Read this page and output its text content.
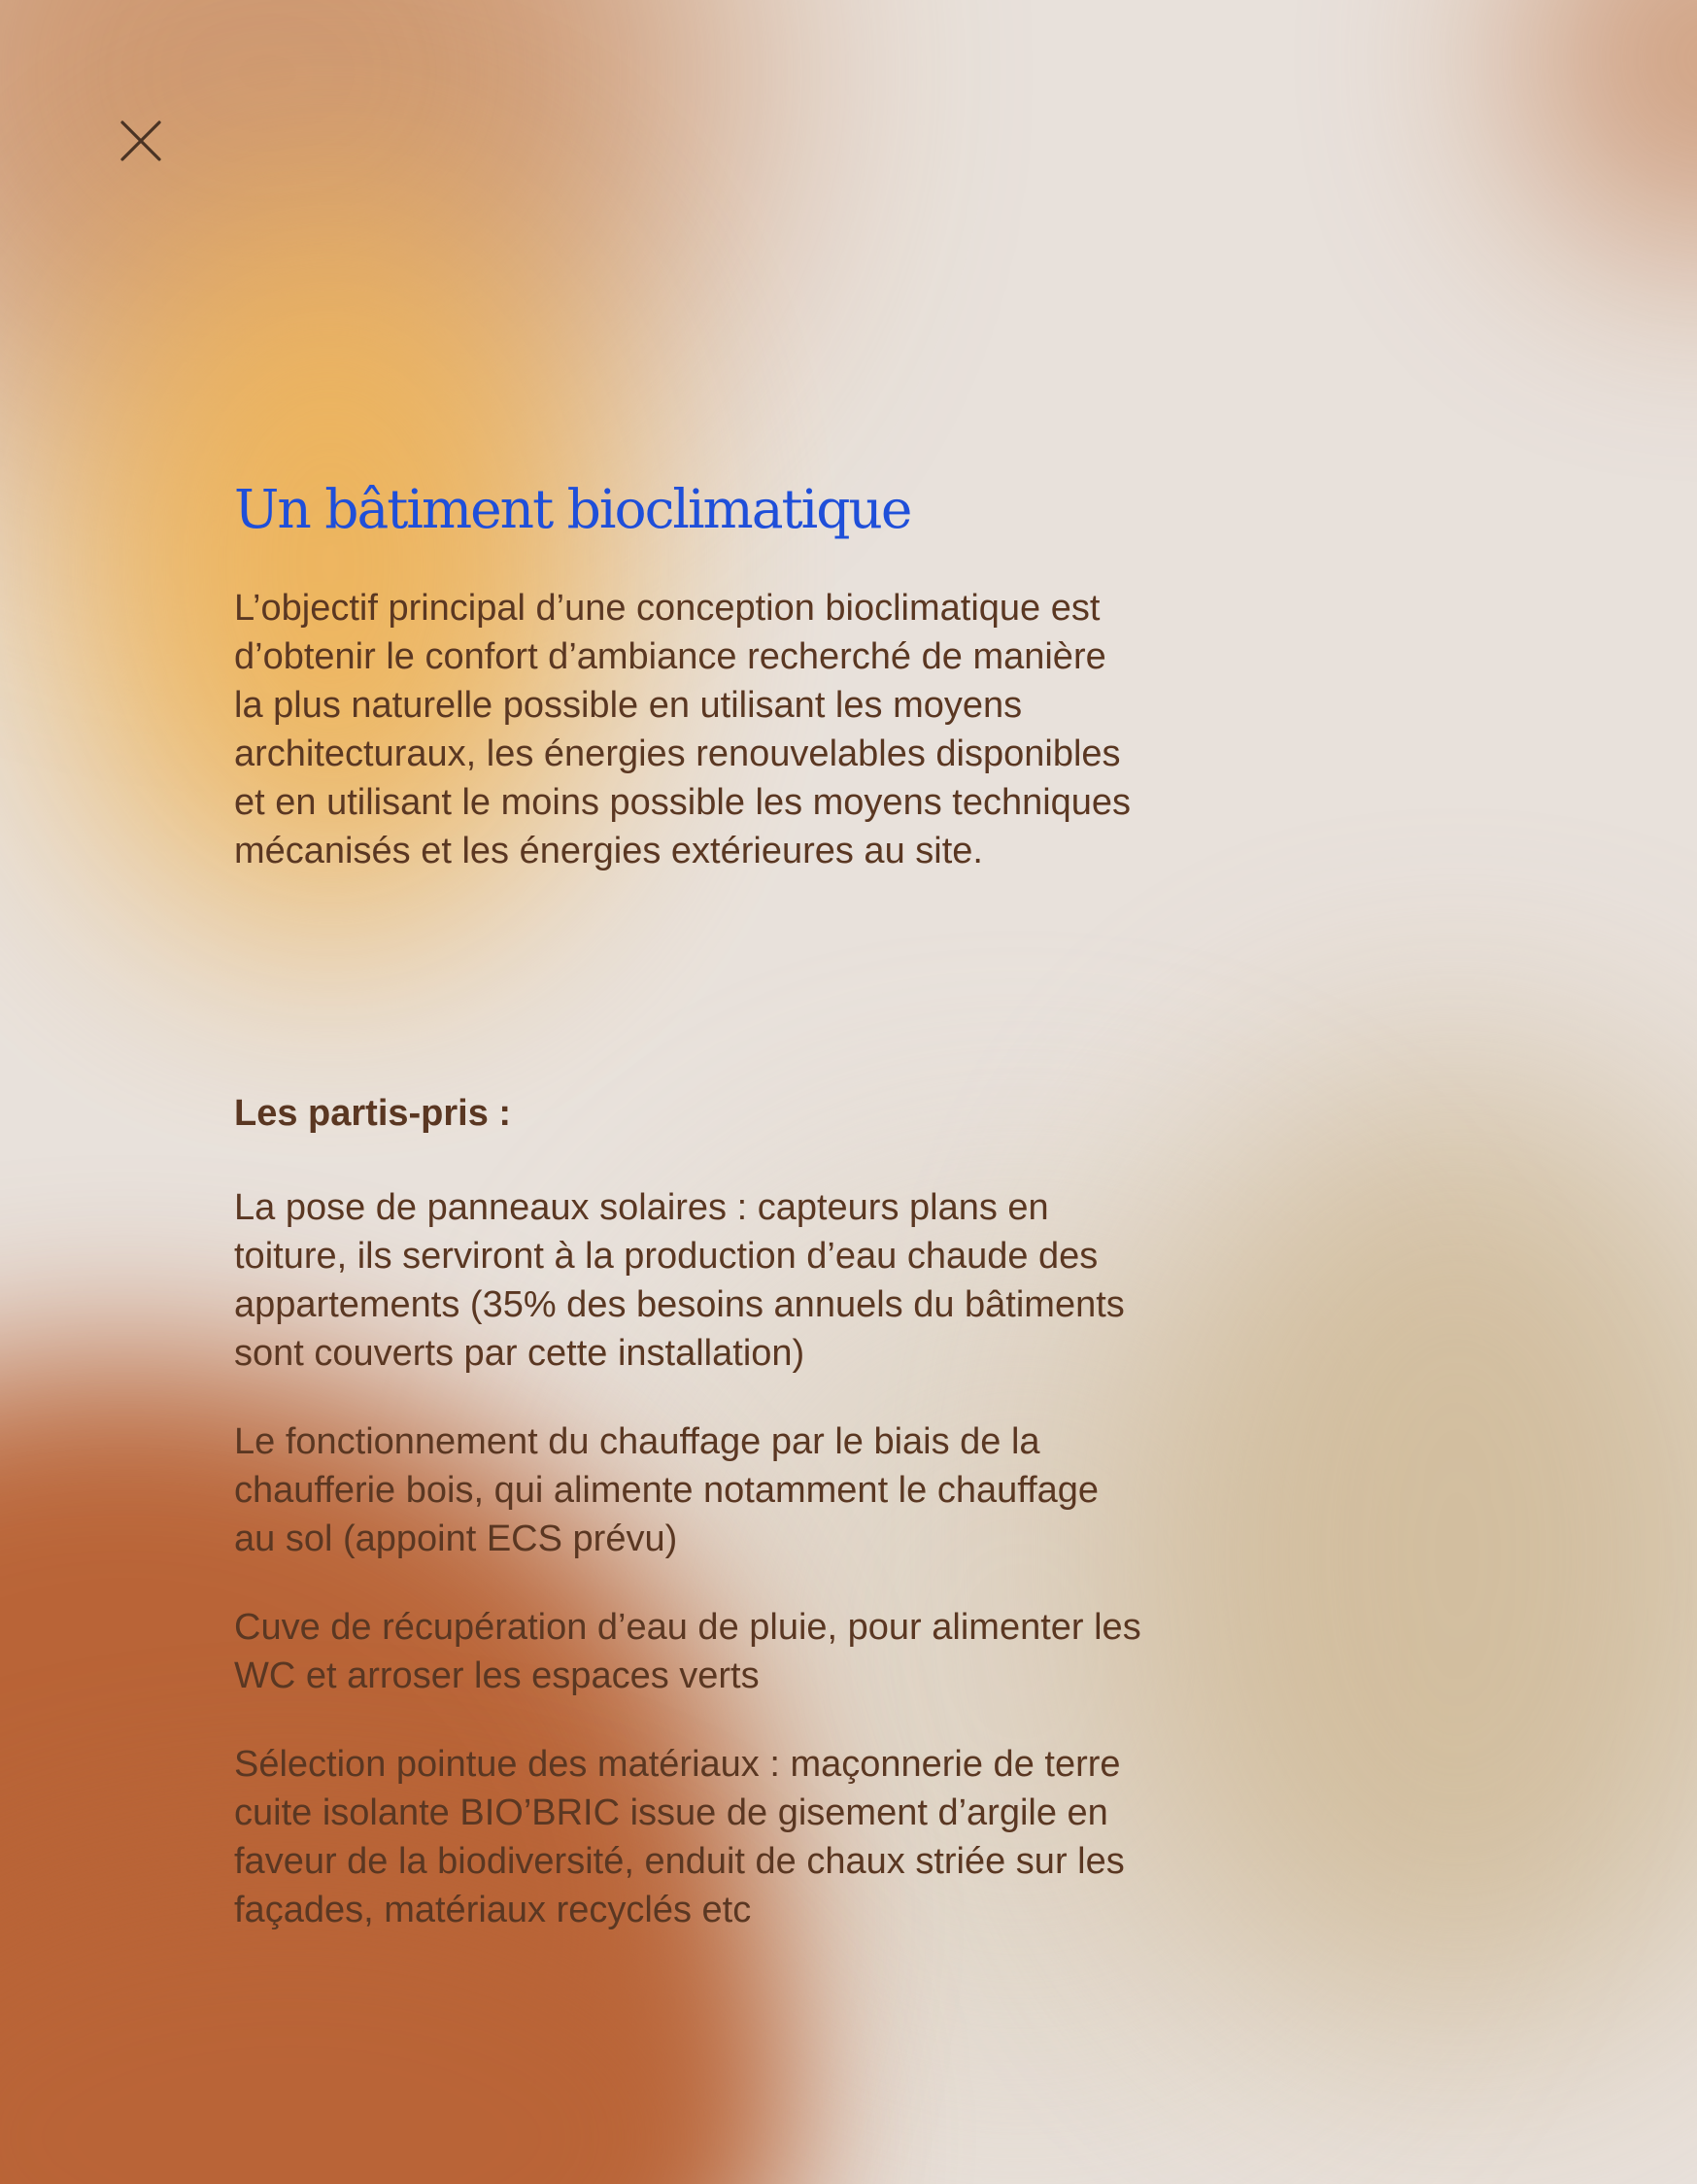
Un bâtiment bioclimatique

L’objectif principal d’une conception bioclimatique est
d’obtenir le confort d’ambiance recherché de manière
la plus naturelle possible en utilisant les moyens
architecturaux, les énergies renouvelables disponibles
et en utilisant le moins possible les moyens techniques
mécanisés et les énergies extérieures au site.

Les partis-pris :

La pose de panneaux solaires : capteurs plans en
toiture, ils serviront à la production d’eau chaude des
appartements (35% des besoins annuels du bâtiments
sont couverts par cette installation)

Le fonctionnement du chauffage par le biais de la
chaufferie bois, qui alimente notamment le chauffage
au sol (appoint ECS prévu)

Cuve de récupération d’eau de pluie, pour alimenter les
WC et arroser les espaces verts

Sélection pointue des matériaux : maçonnerie de terre
cuite isolante BIO’BRIC issue de gisement d’argile en
faveur de la biodiversité, enduit de chaux striée sur les
façades, matériaux recyclés etc
